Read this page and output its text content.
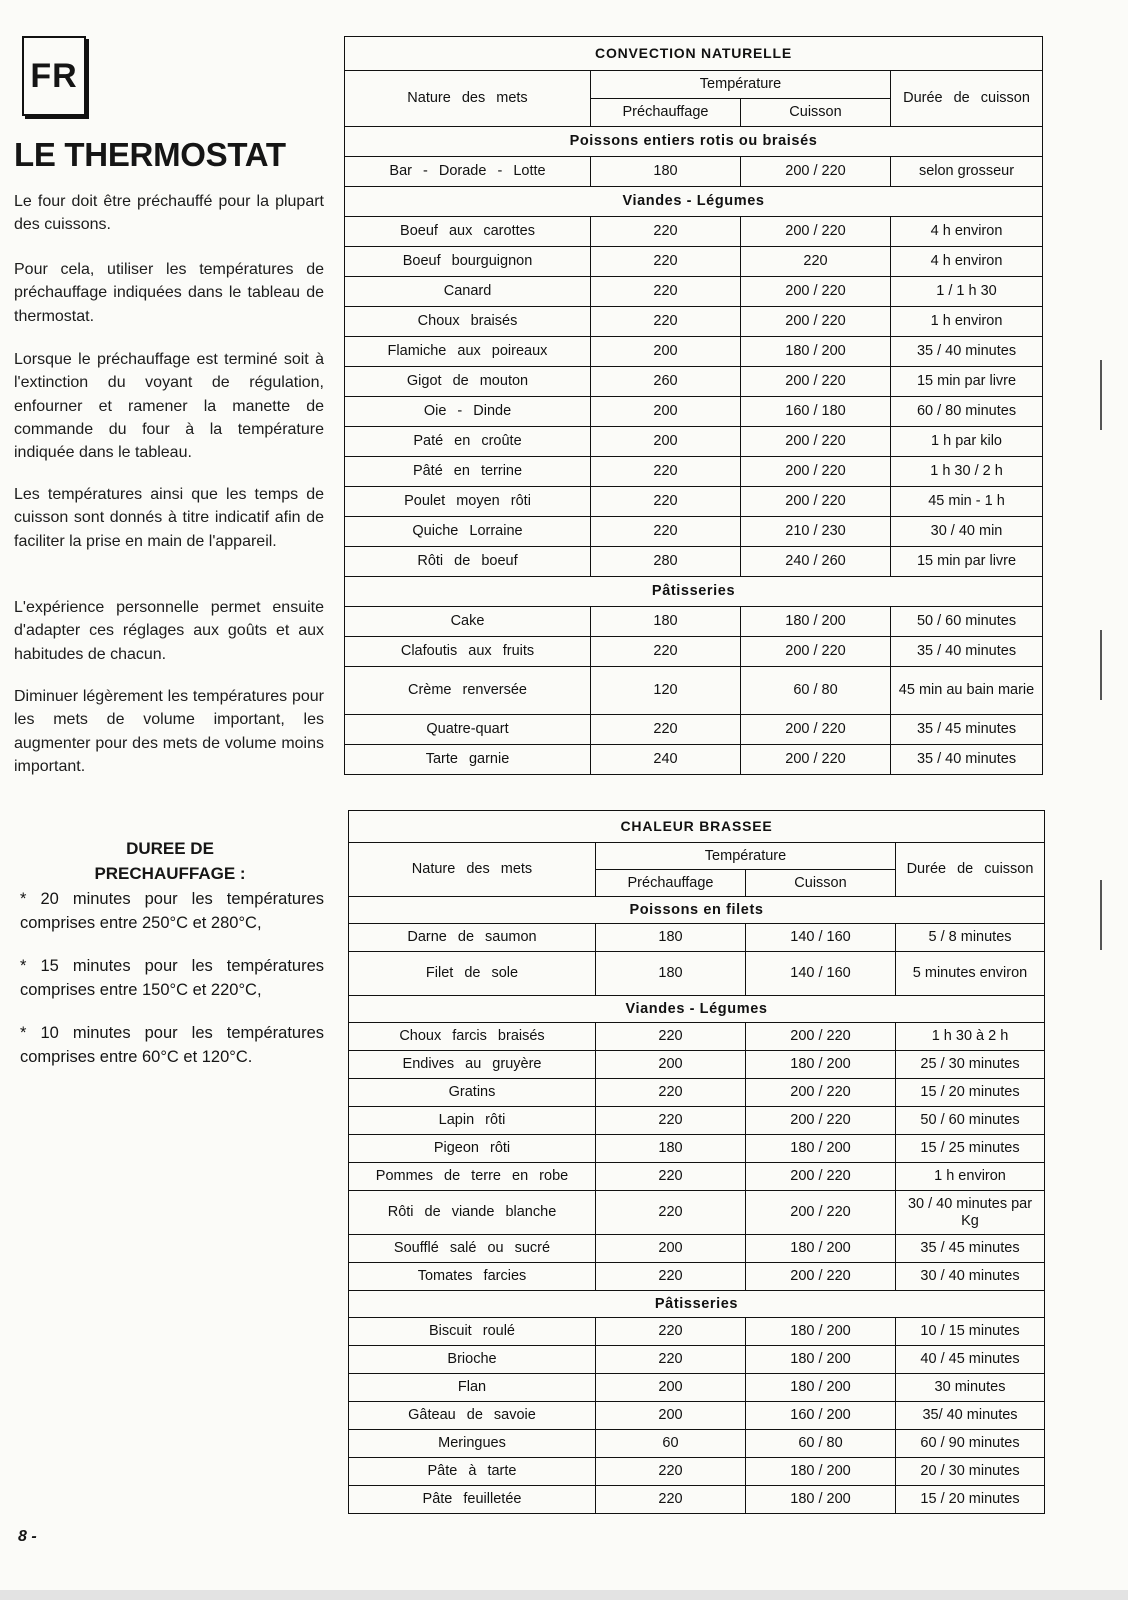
FR
LE THERMOSTAT

Le four doit être préchauffé pour la plupart des cuissons.

Pour cela, utiliser les températures de préchauffage indiquées dans le tableau de thermostat.

Lorsque le préchauffage est terminé soit à l'extinction du voyant de régulation, enfourner et ramener la manette de commande du four à la température indiquée dans le tableau.

Les températures ainsi que les temps de cuisson sont donnés à titre indicatif afin de faciliter la prise en main de l'appareil.

L'expérience personnelle permet ensuite d'adapter ces réglages aux goûts et aux habitudes de chacun.

Diminuer légèrement les températures pour les mets de volume important, les augmenter pour des mets de volume moins important.

DUREE DE PRECHAUFFAGE :

* 20 minutes pour les températures comprises entre 250°C et 280°C,

* 15 minutes pour les températures comprises entre 150°C et 220°C,

* 10 minutes pour les températures comprises entre 60°C et 120°C.

8 -
CONVECTION NATURELLE			
Nature des mets	Température		Durée de cuisson
	Préchauffage	Cuisson	
Poissons entiers rotis ou braisés			
Bar - Dorade - Lotte	180	200 / 220	selon grosseur
Viandes - Légumes			
Boeuf aux carottes	220	200 / 220	4 h environ
Boeuf bourguignon	220	220	4 h environ
Canard	220	200 / 220	1 / 1 h 30
Choux braisés	220	200 / 220	1 h environ
Flamiche aux poireaux	200	180 / 200	35 / 40 minutes
Gigot de mouton	260	200 / 220	15 min par livre
Oie - Dinde	200	160 / 180	60 / 80 minutes
Paté en croûte	200	200 / 220	1 h par kilo
Pâté en terrine	220	200 / 220	1 h 30 / 2 h
Poulet moyen rôti	220	200 / 220	45 min - 1 h
Quiche Lorraine	220	210 / 230	30 / 40 min
Rôti de boeuf	280	240 / 260	15 min par livre
Pâtisseries			
Cake	180	180 / 200	50 / 60 minutes
Clafoutis aux fruits	220	200 / 220	35 / 40 minutes
Crème renversée	120	60 / 80	45 min au bain marie
Quatre-quart	220	200 / 220	35 / 45 minutes
Tarte garnie	240	200 / 220	35 / 40 minutes
CHALEUR BRASSEE			
Nature des mets	Température		Durée de cuisson
	Préchauffage	Cuisson	
Poissons en filets			
Darne de saumon	180	140 / 160	5 / 8 minutes
Filet de sole	180	140 / 160	5 minutes environ
Viandes - Légumes			
Choux farcis braisés	220	200 / 220	1 h 30 à 2 h
Endives au gruyère	200	180 / 200	25 / 30 minutes
Gratins	220	200 / 220	15 / 20 minutes
Lapin rôti	220	200 / 220	50 / 60 minutes
Pigeon rôti	180	180 / 200	15 / 25 minutes
Pommes de terre en robe	220	200 / 220	1 h environ
Rôti de viande blanche	220	200 / 220	30 / 40 minutes par Kg
Soufflé salé ou sucré	200	180 / 200	35 / 45 minutes
Tomates farcies	220	200 / 220	30 / 40 minutes
Pâtisseries			
Biscuit roulé	220	180 / 200	10 / 15 minutes
Brioche	220	180 / 200	40 / 45 minutes
Flan	200	180 / 200	30 minutes
Gâteau de savoie	200	160 / 200	35/ 40 minutes
Meringues	60	60 / 80	60 / 90 minutes
Pâte à tarte	220	180 / 200	20 / 30 minutes
Pâte feuilletée	220	180 / 200	15 / 20 minutes
